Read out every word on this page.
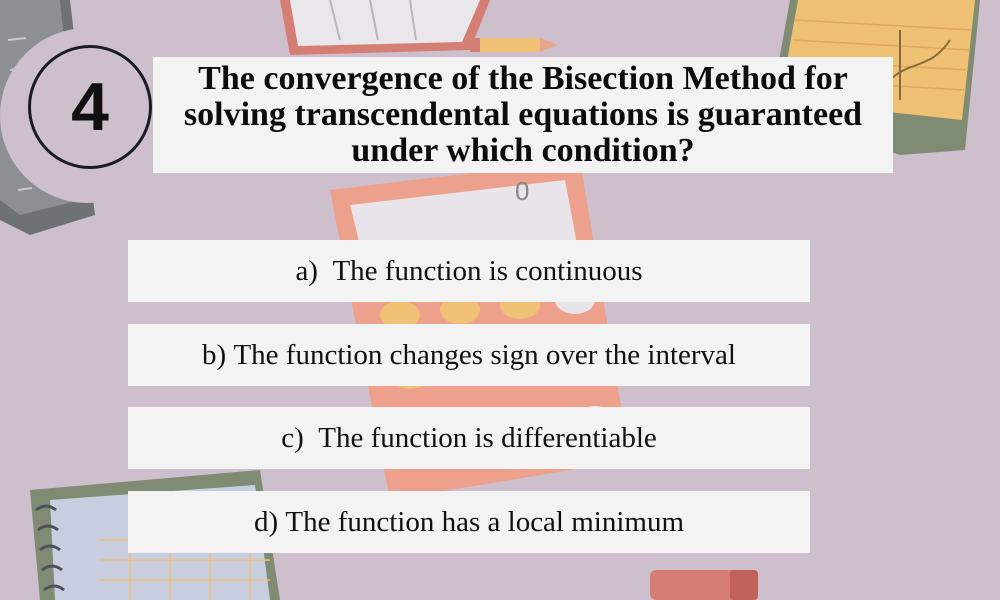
0
4	The convergence of the Bisection Method for solving transcendental equations is guaranteed under which condition?

a)
The function is continuous
b)
The function changes sign over the interval
c)
The function is differentiable
d)
The function has a local minimum
